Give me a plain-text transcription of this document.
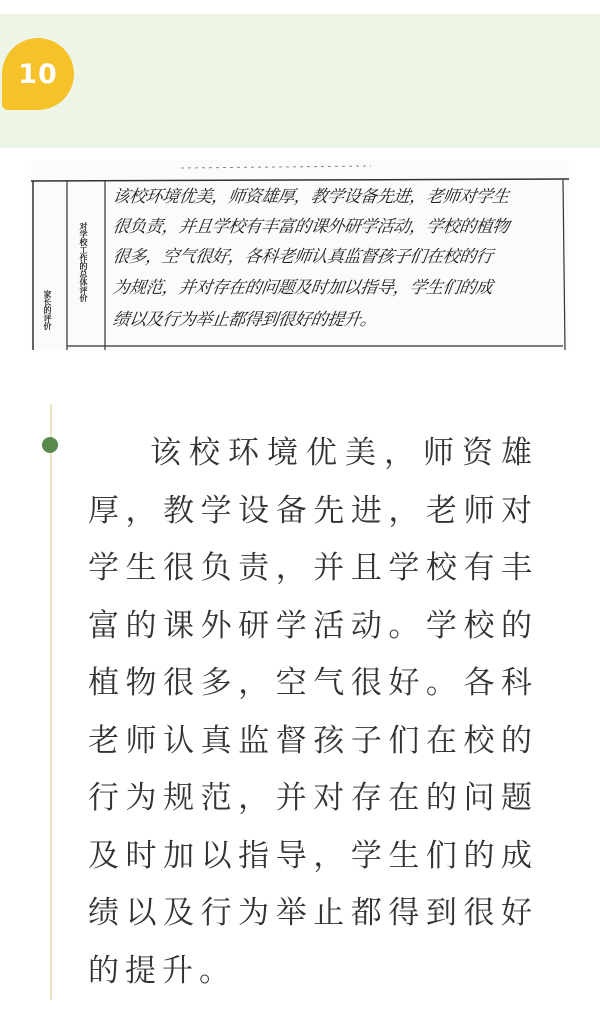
10
家长的评价
对学校工作的总体评价
该校环境优美，师资雄厚，教学设备先进，老师对学生
很负责，并且学校有丰富的课外研学活动，学校的植物
很多，空气很好，各科老师认真监督孩子们在校的行
为规范，并对存在的问题及时加以指导，学生们的成
绩以及行为举止都得到很好的提升。

该校环境优美，师资雄厚，教学设备先进，老师对学生很负责，并且学校有丰富的课外研学活动。学校的植物很多，空气很好。各科老师认真监督孩子们在校的行为规范，并对存在的问题及时加以指导，学生们的成绩以及行为举止都得到很好的提升。
